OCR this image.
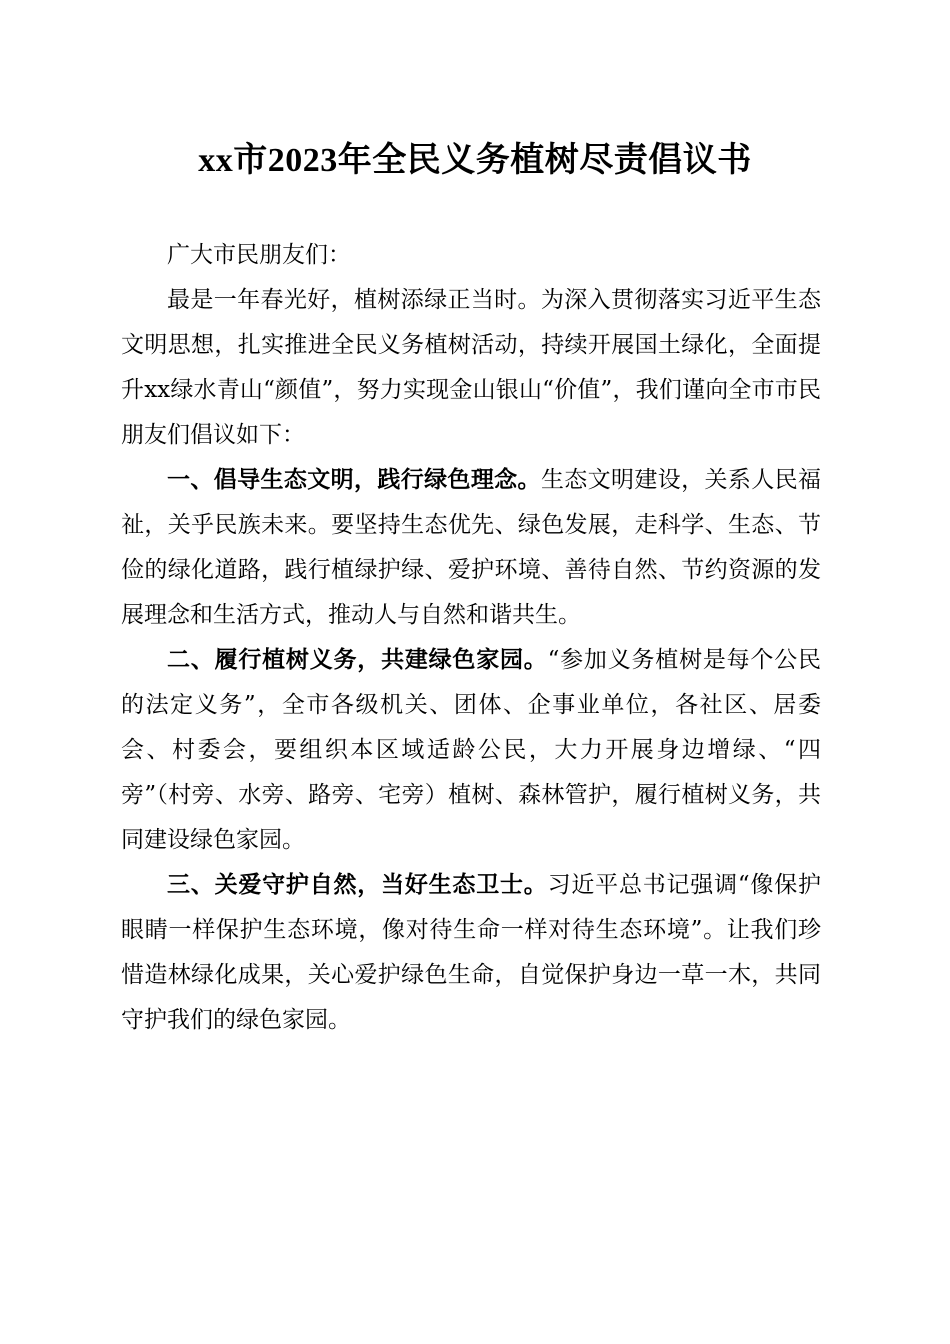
xx市2023年全民义务植树尽责倡议书

广大市民朋友们：

最是一年春光好，植树添绿正当时。为深入贯彻落实习近平生态文明思想，扎实推进全民义务植树活动，持续开展国土绿化，全面提升xx绿水青山“颜值”，努力实现金山银山“价值”，我们谨向全市市民朋友们倡议如下：

一、倡导生态文明，践行绿色理念。生态文明建设，关系人民福祉，关乎民族未来。要坚持生态优先、绿色发展，走科学、生态、节俭的绿化道路，践行植绿护绿、爱护环境、善待自然、节约资源的发展理念和生活方式，推动人与自然和谐共生。

二、履行植树义务，共建绿色家园。“参加义务植树是每个公民的法定义务”，全市各级机关、团体、企事业单位，各社区、居委会、村委会，要组织本区域适龄公民，大力开展身边增绿、“四旁”（村旁、水旁、路旁、宅旁）植树、森林管护，履行植树义务，共同建设绿色家园。

三、关爱守护自然，当好生态卫士。习近平总书记强调“像保护眼睛一样保护生态环境，像对待生命一样对待生态环境”。让我们珍惜造林绿化成果，关心爱护绿色生命，自觉保护身边一草一木，共同守护我们的绿色家园。
